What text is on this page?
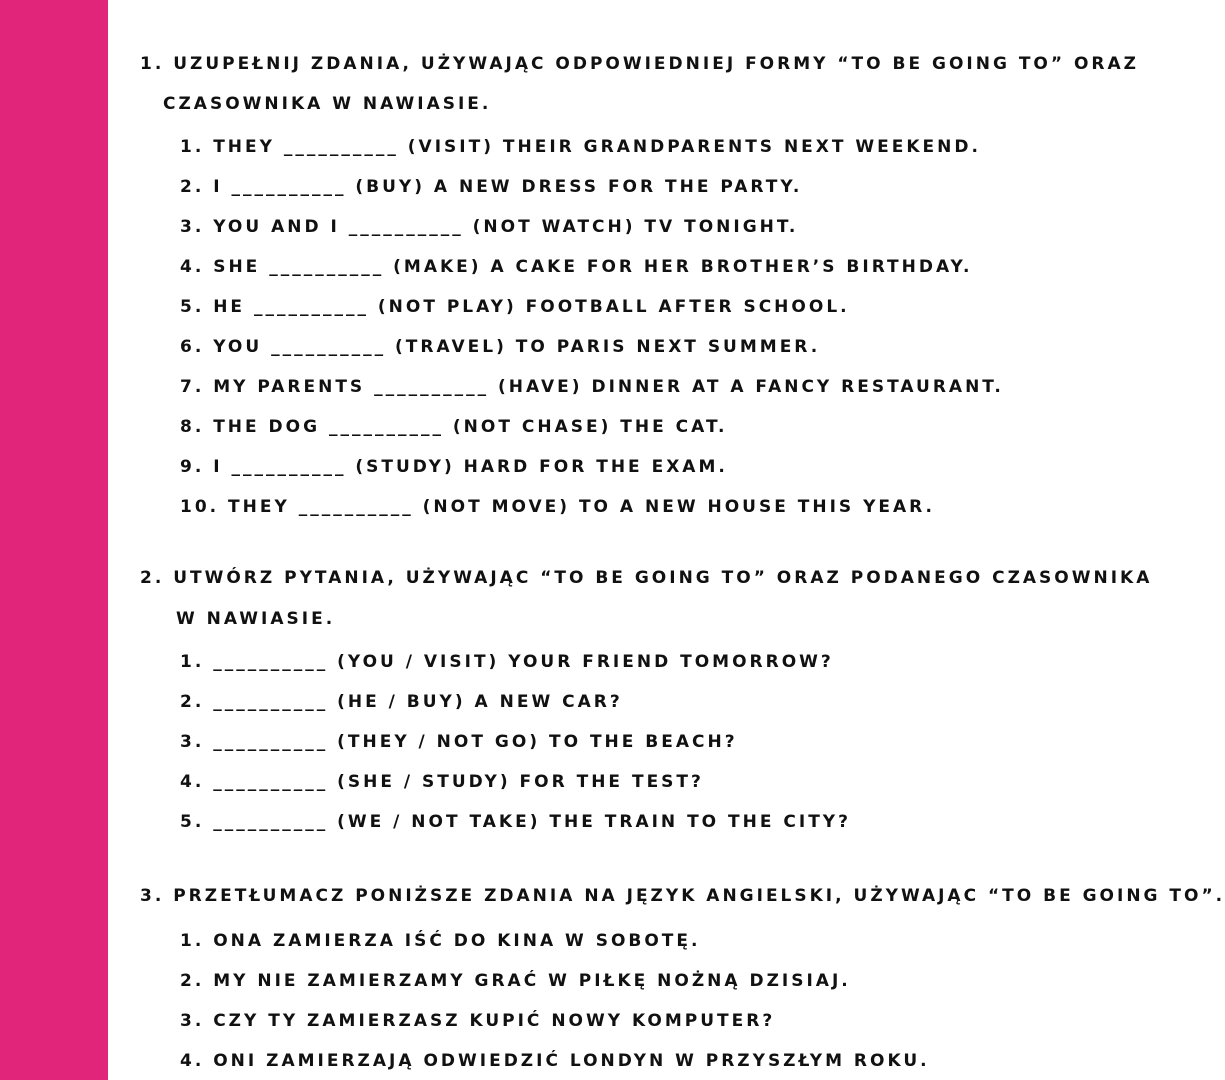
1. UZUPEŁNIJ ZDANIA, UŻYWAJĄC ODPOWIEDNIEJ FORMY “TO BE GOING TO” ORAZ
CZASOWNIKA W NAWIASIE.
1. THEY __________ (VISIT) THEIR GRANDPARENTS NEXT WEEKEND.
2. I __________ (BUY) A NEW DRESS FOR THE PARTY.
3. YOU AND I __________ (NOT WATCH) TV TONIGHT.
4. SHE __________ (MAKE) A CAKE FOR HER BROTHER’S BIRTHDAY.
5. HE __________ (NOT PLAY) FOOTBALL AFTER SCHOOL.
6. YOU __________ (TRAVEL) TO PARIS NEXT SUMMER.
7. MY PARENTS __________ (HAVE) DINNER AT A FANCY RESTAURANT.
8. THE DOG __________ (NOT CHASE) THE CAT.
9. I __________ (STUDY) HARD FOR THE EXAM.
10. THEY __________ (NOT MOVE) TO A NEW HOUSE THIS YEAR.
2. UTWÓRZ PYTANIA, UŻYWAJĄC “TO BE GOING TO” ORAZ PODANEGO CZASOWNIKA
W NAWIASIE.
1. __________ (YOU / VISIT) YOUR FRIEND TOMORROW?
2. __________ (HE / BUY) A NEW CAR?
3. __________ (THEY / NOT GO) TO THE BEACH?
4. __________ (SHE / STUDY) FOR THE TEST?
5. __________ (WE / NOT TAKE) THE TRAIN TO THE CITY?
3. PRZETŁUMACZ PONIŻSZE ZDANIA NA JĘZYK ANGIELSKI, UŻYWAJĄC “TO BE GOING TO”.
1. ONA ZAMIERZA IŚĆ DO KINA W SOBOTĘ.
2. MY NIE ZAMIERZAMY GRAĆ W PIŁKĘ NOŻNĄ DZISIAJ.
3. CZY TY ZAMIERZASZ KUPIĆ NOWY KOMPUTER?
4. ONI ZAMIERZAJĄ ODWIEDZIĆ LONDYN W PRZYSZŁYM ROKU.
